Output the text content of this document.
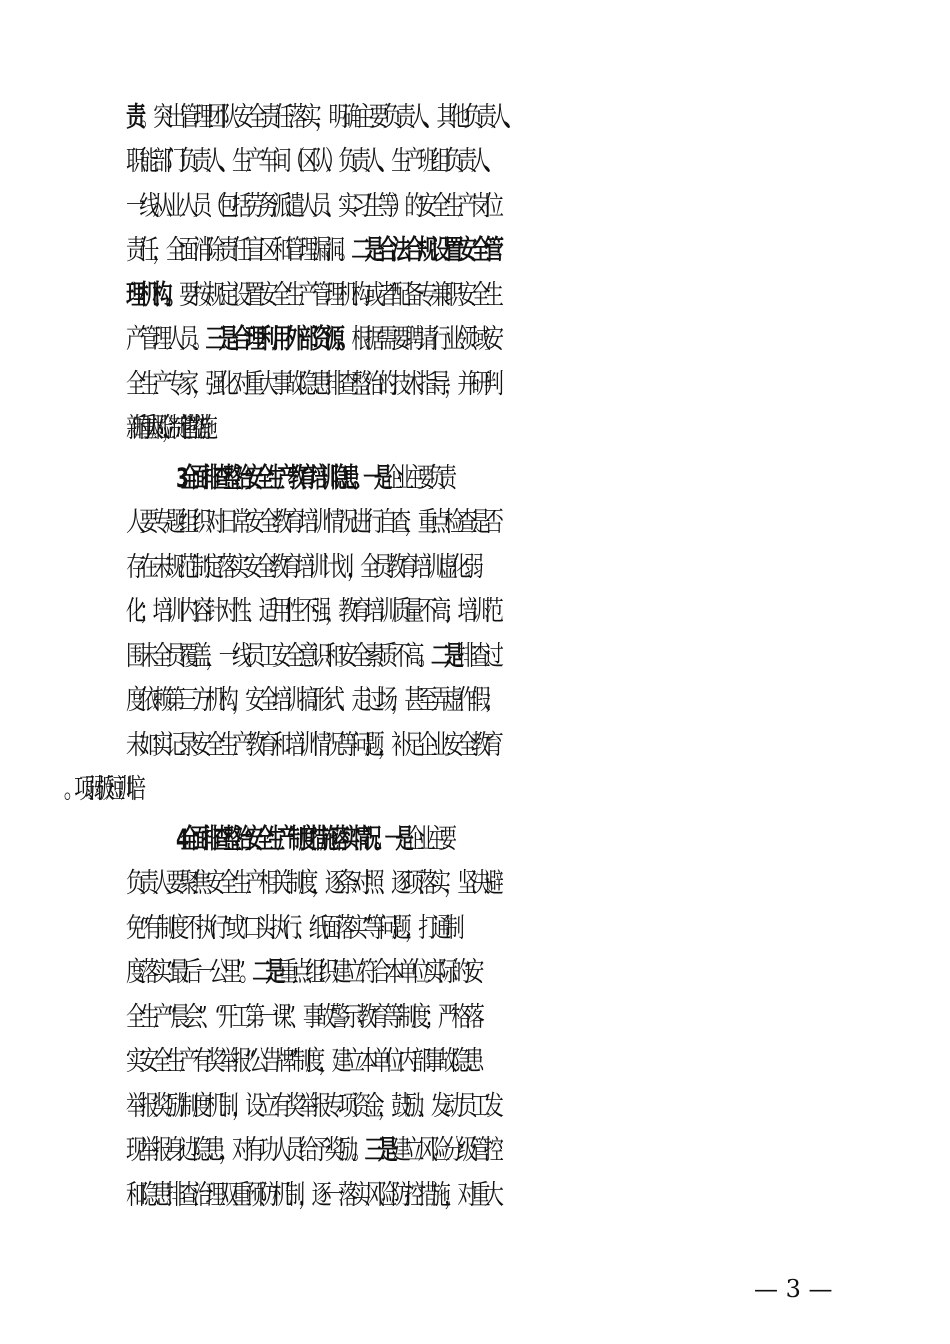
责。突出管理团队安全责任落实，明确主要负责人、其他负责人、
职能部门负责人、生产车间（区队）负责人、生产班组负责人、
一线从业人员（包括劳务派遣人员、实习生等）的安全生产岗位
责任，全面消除责任盲区和管理漏洞。二是合法合规设置安全管
理机构。要按规定设置安全生产管理机构或者配备专兼职安全生
产管理人员。三是合理利用外部资源。根据需要聘请行业领域安
全生产专家，强化对重大事故隐患排查整治的技术指导，并研判
新的重大风险，制定管控措施。
3.全面排查整治安全生产教育培训隐患。一是企业主要负责
人要专题组织对日常安全教育培训情况进行自查，重点检查是否
存在未规范制定落实安全教育培训计划，全员教育培训虚化弱
化；培训内容针对性、适用性不强，教育培训质量不高；培训范
围未全员覆盖，一线员工安全意识和安全素质不高。二是排查过
度依赖第三方机构，安全培训搞形式、走过场，甚至弄虚作假；
未如实记录安全生产教育和培训情况等问题，补足企业安全教育
4.全面排查整治安全生产制度措施落实情况。一是企业主要
负责人要聚焦安全生产相关制度，逐条对照、逐项落实，坚决避
免“有制度不执行”或“口头执行、纸面落实”等问题，打通制
度落实“最后一公里”。二是重点组织建立符合本单位实际的安
全生产“晨会”、“开工第一课”、事故警示教育等制度；严格落
实安全生产有奖举报“公告牌”制度，建立本单位内部事故隐患
举报奖励制度机制，设立有奖举报专项资金，鼓励、发动员工发
现举报身边隐患，对有功人员给予奖励。三是建立风险分级管控
和隐患排查治理双重预防机制，逐一落实风险防控措施，对重大
— 3 —
